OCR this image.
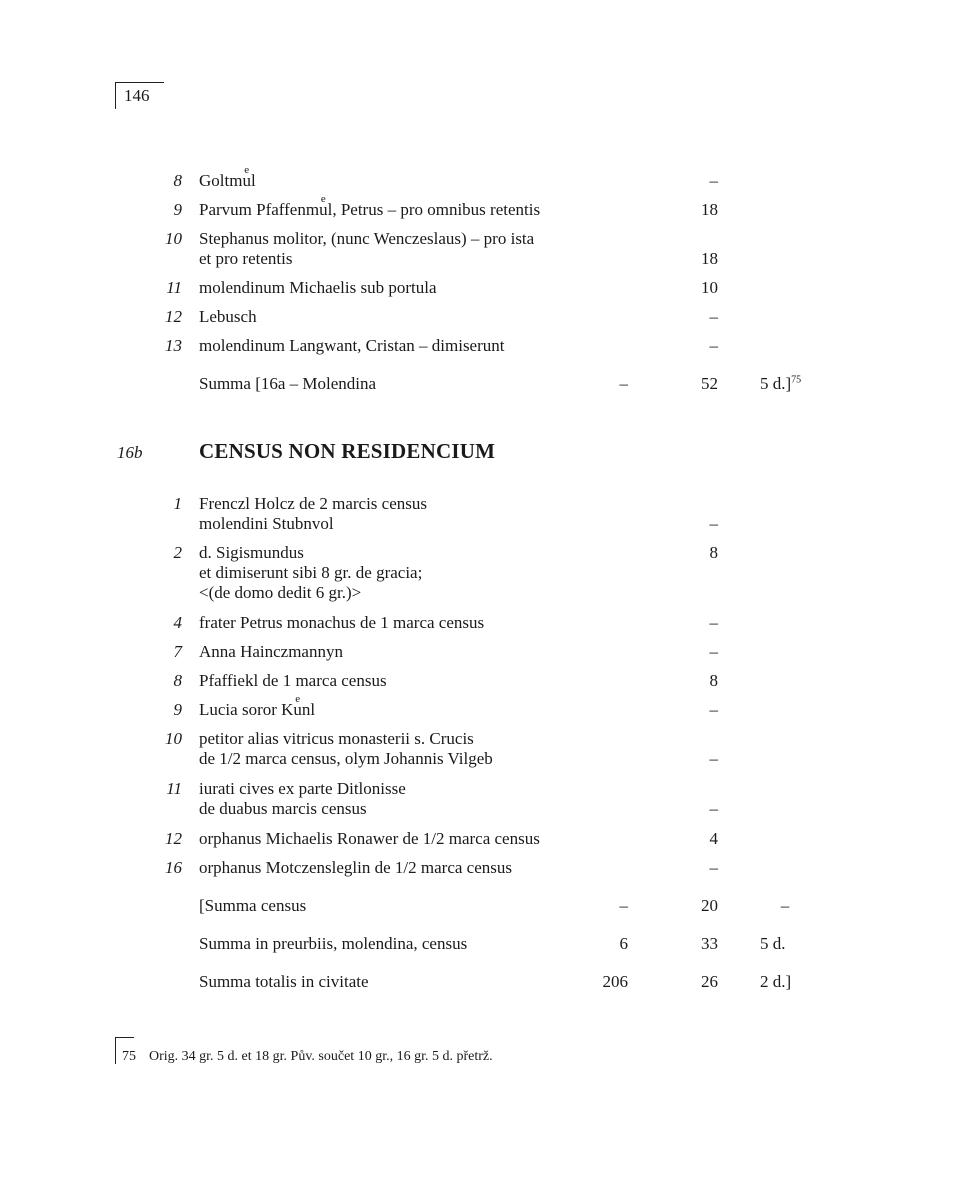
146
8 Goltmu el	–
9 Parvum Pfaffenmu el, Petrus – pro omnibus retentis	18
10 Stephanus molitor, (nunc Wenczeslaus) – pro ista
et pro retentis	18
11 molendinum Michaelis sub portula	10
12 Lebusch	–
13 molendinum Langwant, Cristan – dimiserunt	–
Summa [16a – Molendina	–	52 5 d.]$^{75}$
16b	CENSUS NON RESIDENCIUM
1 Frenczl Holcz de 2 marcis census
molendini Stubnvol	–
2 d. Sigismundus	8
et dimiserunt sibi 8 gr. de gracia;
<(de domo dedit 6 gr.)>
4 frater Petrus monachus de 1 marca census	–
7 Anna Hainczmannyn	–
8 Pfaffiekl de 1 marca census	8
9 Lucia soror Ku enl	–
10 petitor alias vitricus monasterii s. Crucis
de 1/2 marca census, olym Johannis Vilgeb	–
11 iurati cives ex parte Ditlonisse
de duabus marcis census	–
12 orphanus Michaelis Ronawer de 1/2 marca census	4
16 orphanus Motczensleglin de 1/2 marca census	–
[Summa census	–	20	–
Summa in preurbiis, molendina, census	6	33 5 d.
Summa totalis in civitate	206	26 2 d.]
75 Orig. 34 gr. 5 d. et 18 gr. Pův. součet 10 gr., 16 gr. 5 d. přetrž.
